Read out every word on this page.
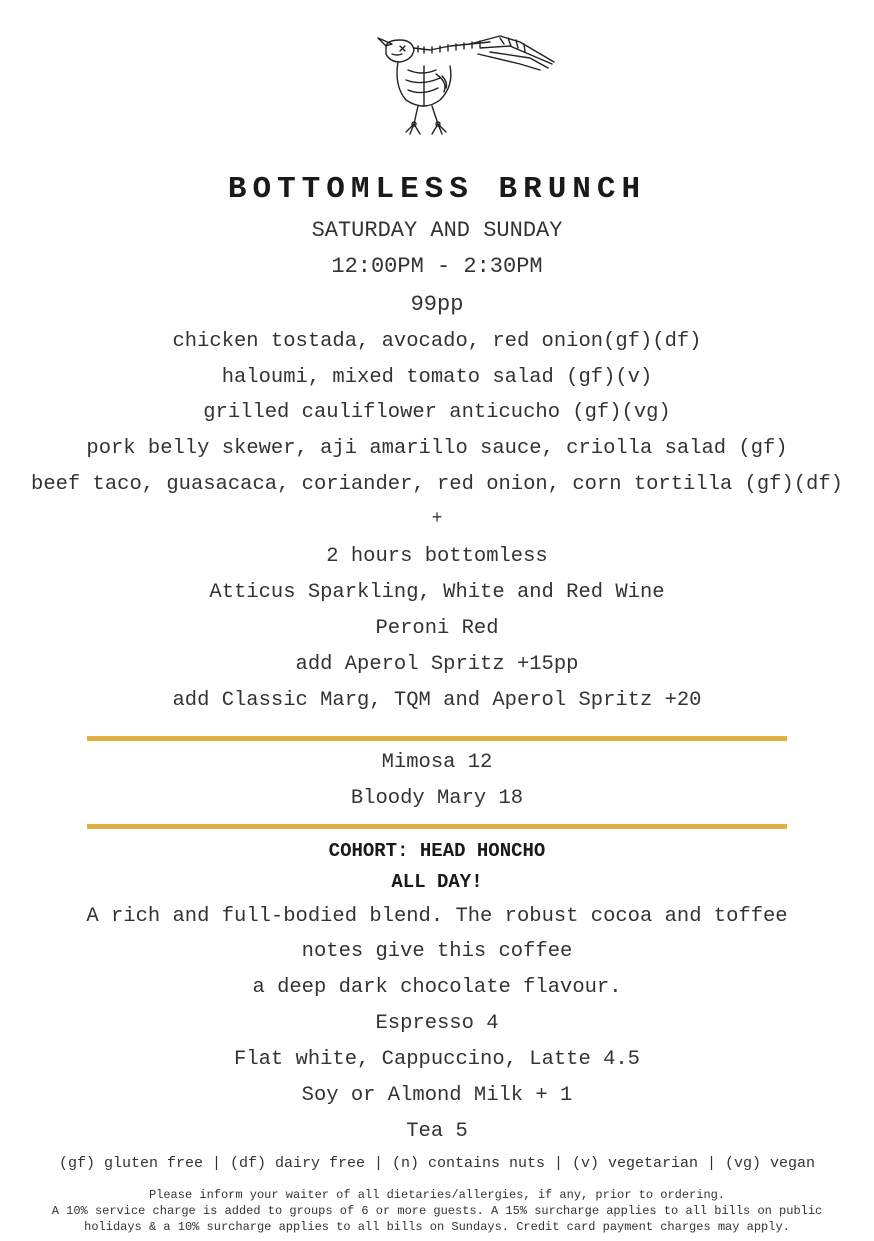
BOTTOMLESS BRUNCH
SATURDAY AND SUNDAY
12:00PM - 2:30PM
99pp
chicken tostada, avocado, red onion(gf)(df)
haloumi, mixed tomato salad (gf)(v)
grilled cauliflower anticucho (gf)(vg)
pork belly skewer, aji amarillo sauce, criolla salad (gf)
beef taco, guasacaca, coriander, red onion, corn tortilla (gf)(df)
+
2 hours bottomless
Atticus Sparkling, White and Red Wine
Peroni Red
add Aperol Spritz +15pp
add Classic Marg, TQM and Aperol Spritz +20
Mimosa 12
Bloody Mary 18
COHORT: HEAD HONCHO
ALL DAY!
A rich and full-bodied blend. The robust cocoa and toffee
notes give this coffee
a deep dark chocolate flavour.
Espresso 4
Flat white, Cappuccino, Latte 4.5
Soy or Almond Milk + 1
Tea 5
(gf) gluten free | (df) dairy free | (n) contains nuts | (v) vegetarian | (vg) vegan
Please inform your waiter of all dietaries/allergies, if any, prior to ordering.
A 10% service charge is added to groups of 6 or more guests. A 15% surcharge applies to all bills on public
holidays & a 10% surcharge applies to all bills on Sundays. Credit card payment charges may apply.
